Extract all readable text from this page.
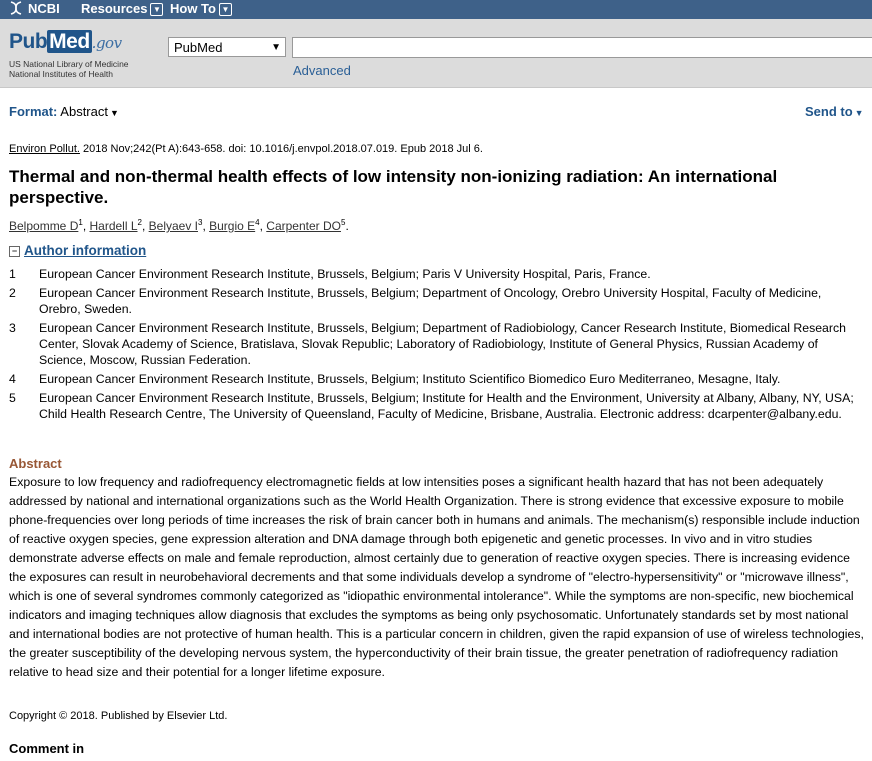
NCBI Resources ▼ How To ▼
PubMed .gov
US National Library of Medicine
National Institutes of Health
PubMed	▼
Advanced
Format: Abstract ▼	Send to ▼
Environ Pollut. 2018 Nov;242(Pt A):643-658. doi: 10.1016/j.envpol.2018.07.019. Epub 2018 Jul 6.
Thermal and non-thermal health effects of low intensity non-ionizing radiation: An international perspective.
Belpomme $D^1$, Hardell $L^2$, Belyaev $I^3$, Burgio $E^4$, Carpenter $DO^5$.
− Author information
1	European Cancer Environment Research Institute, Brussels, Belgium; Paris V University Hospital, Paris, France.
2	European Cancer Environment Research Institute, Brussels, Belgium; Department of Oncology, Orebro University Hospital, Faculty of Medicine, Orebro, Sweden.
3	European Cancer Environment Research Institute, Brussels, Belgium; Department of Radiobiology, Cancer Research Institute, Biomedical Research Center, Slovak Academy of Science, Bratislava, Slovak Republic; Laboratory of Radiobiology, Institute of General Physics, Russian Academy of Science, Moscow, Russian Federation.
4	European Cancer Environment Research Institute, Brussels, Belgium; Instituto Scientifico Biomedico Euro Mediterraneo, Mesagne, Italy.
5	European Cancer Environment Research Institute, Brussels, Belgium; Institute for Health and the Environment, University at Albany, Albany, NY, USA; Child Health Research Centre, The University of Queensland, Faculty of Medicine, Brisbane, Australia. Electronic address: dcarpenter@albany.edu.
Abstract
Exposure to low frequency and radiofrequency electromagnetic fields at low intensities poses a significant health hazard that has not been adequately addressed by national and international organizations such as the World Health Organization. There is strong evidence that excessive exposure to mobile phone-frequencies over long periods of time increases the risk of brain cancer both in humans and animals. The mechanism(s) responsible include induction of reactive oxygen species, gene expression alteration and DNA damage through both epigenetic and genetic processes. In vivo and in vitro studies demonstrate adverse effects on male and female reproduction, almost certainly due to generation of reactive oxygen species. There is increasing evidence the exposures can result in neurobehavioral decrements and that some individuals develop a syndrome of "electro-hypersensitivity" or "microwave illness", which is one of several syndromes commonly categorized as "idiopathic environmental intolerance". While the symptoms are non-specific, new biochemical indicators and imaging techniques allow diagnosis that excludes the symptoms as being only psychosomatic. Unfortunately standards set by most national and international bodies are not protective of human health. This is a particular concern in children, given the rapid expansion of use of wireless technologies, the greater susceptibility of the developing nervous system, the hyperconductivity of their brain tissue, the greater penetration of radiofrequency radiation relative to head size and their potential for a longer lifetime exposure.
Copyright © 2018. Published by Elsevier Ltd.
Comment in
